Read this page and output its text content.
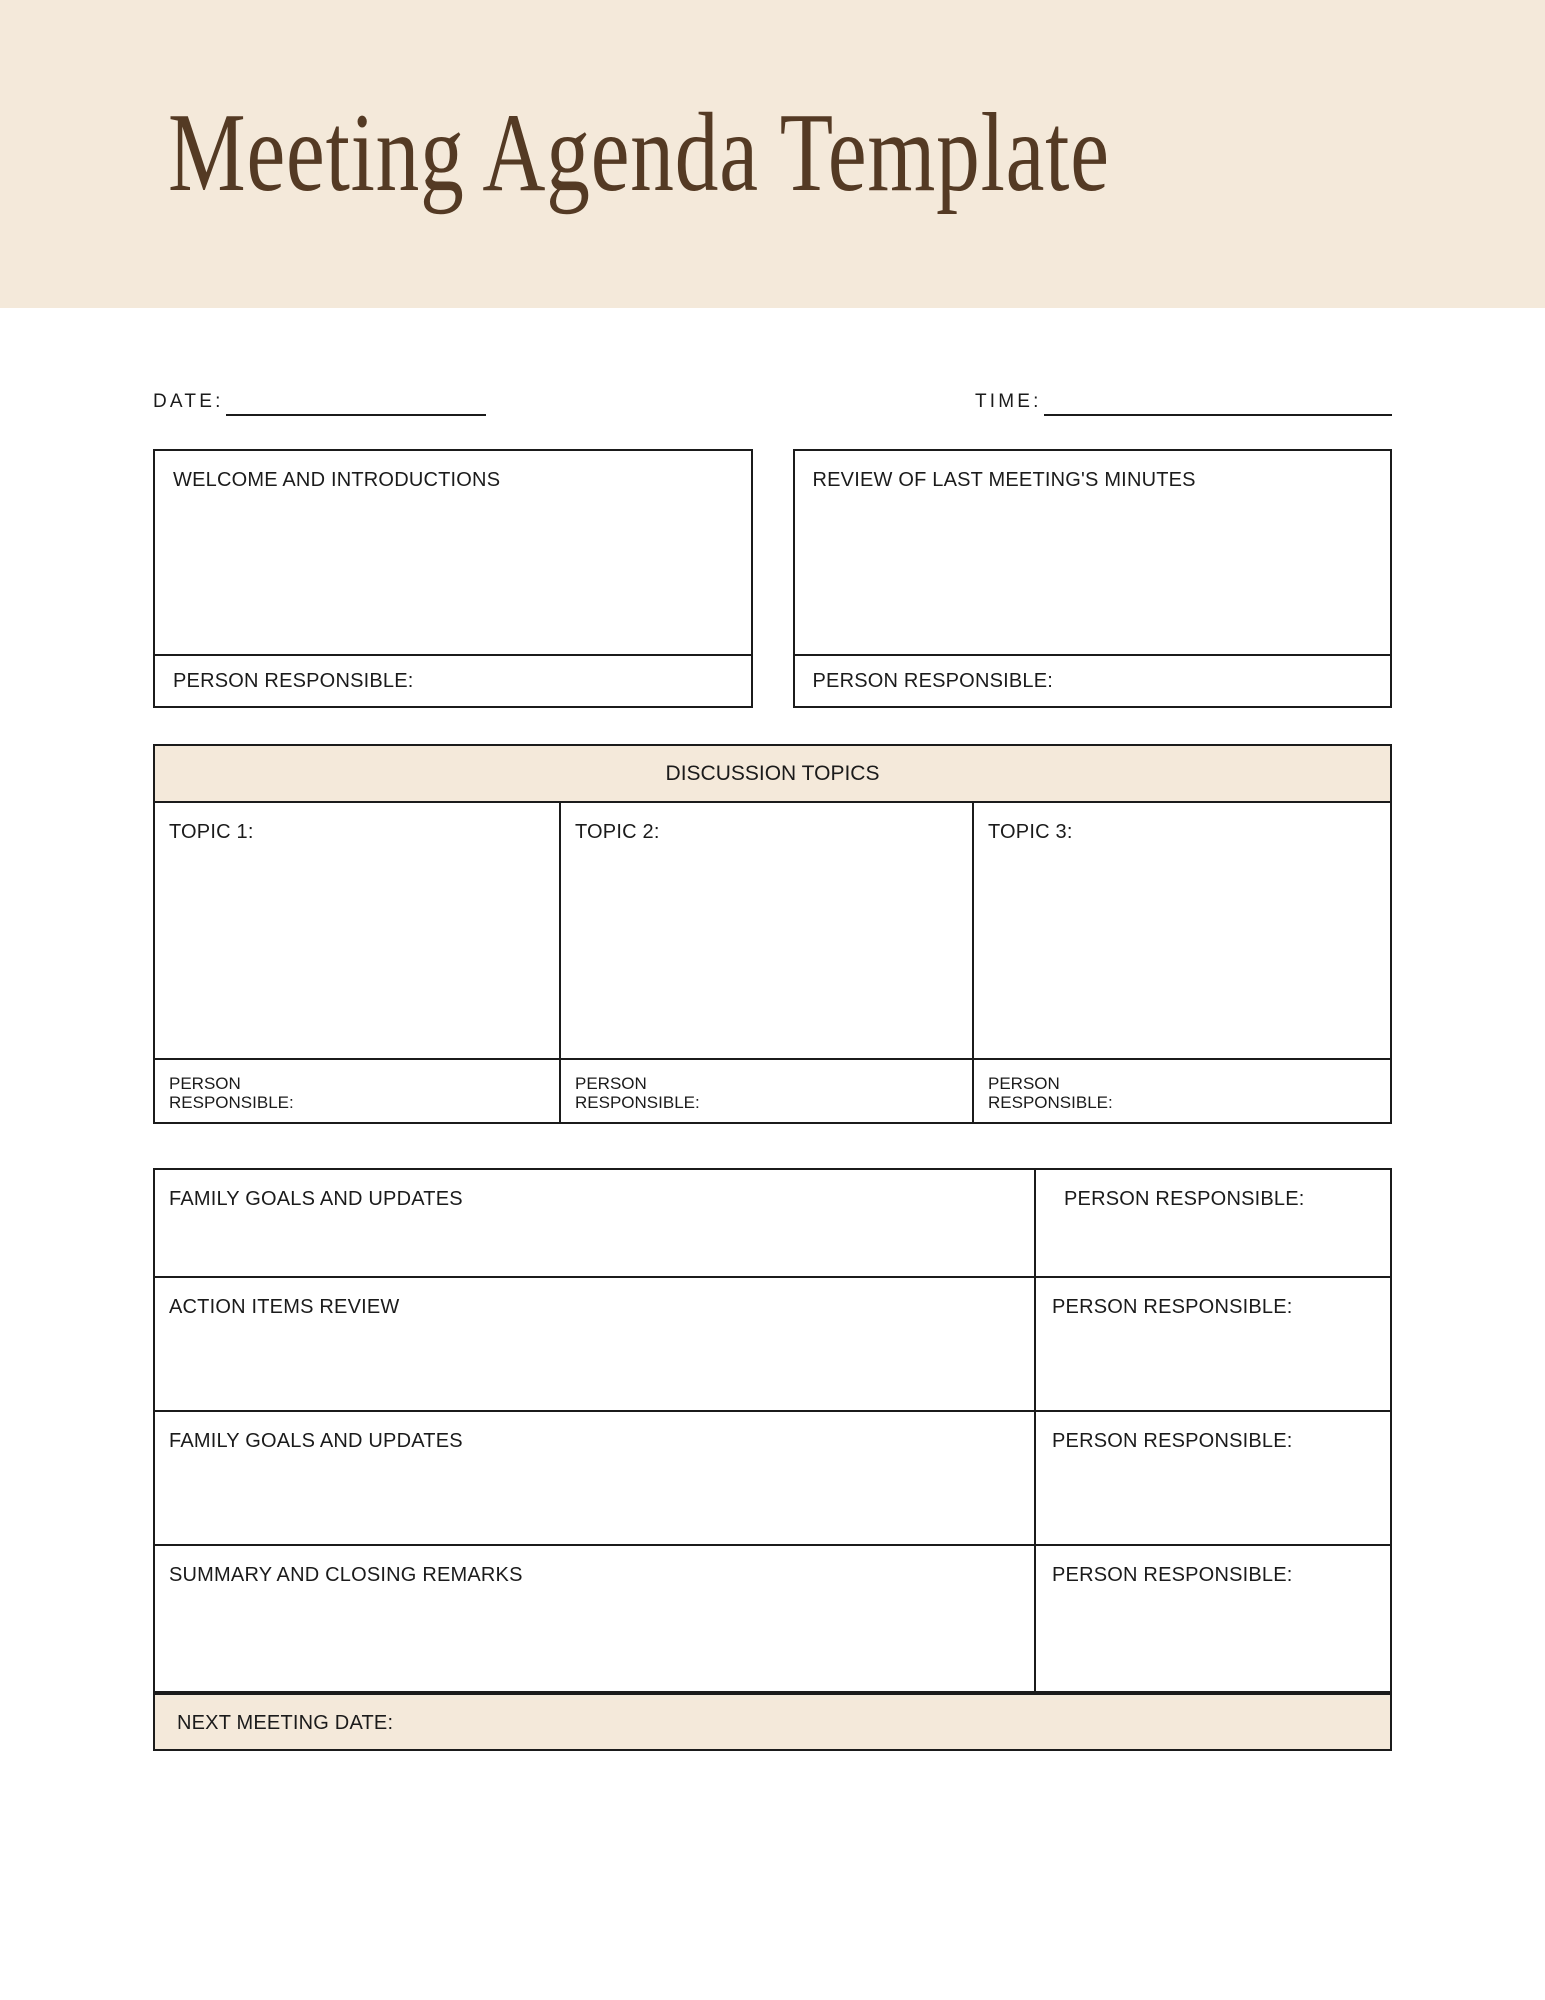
Meeting Agenda Template
DATE:	TIME:
WELCOME AND INTRODUCTIONS
PERSON RESPONSIBLE:
REVIEW OF LAST MEETING'S MINUTES
PERSON RESPONSIBLE:
DISCUSSION TOPICS
TOPIC 1:	TOPIC 2:	TOPIC 3:
PERSON
RESPONSIBLE:
PERSON
RESPONSIBLE:
PERSON
RESPONSIBLE:
FAMILY GOALS AND UPDATES	PERSON RESPONSIBLE:
ACTION ITEMS REVIEW	PERSON RESPONSIBLE:
FAMILY GOALS AND UPDATES	PERSON RESPONSIBLE:
SUMMARY AND CLOSING REMARKS	PERSON RESPONSIBLE:
NEXT MEETING DATE:
